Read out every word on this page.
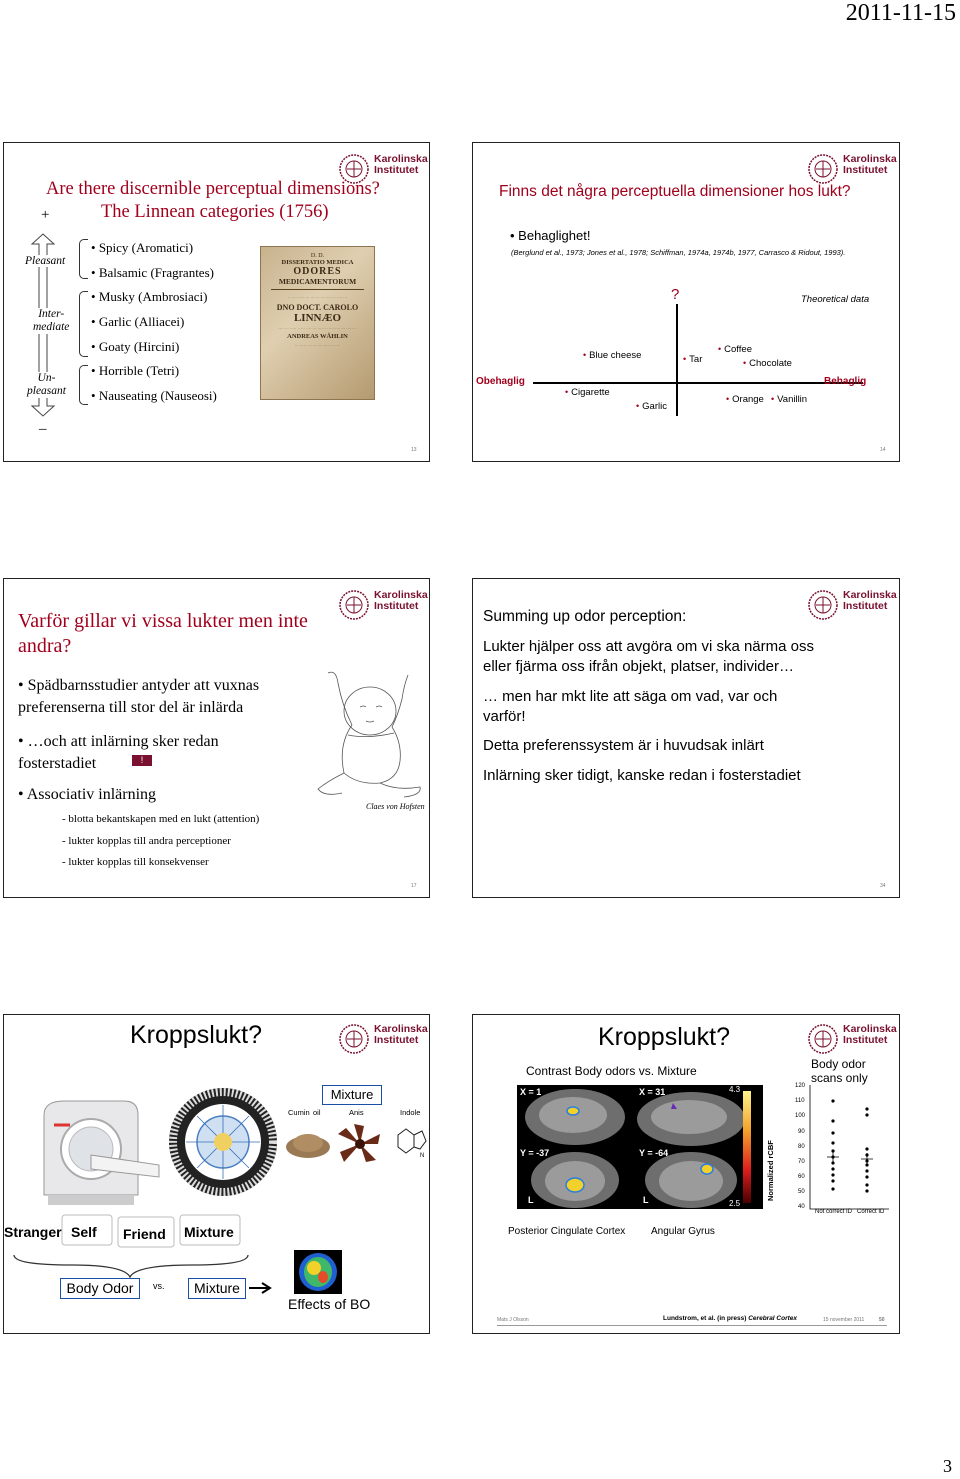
2011-11-15
Karolinska
Institutet
Are there discernible perceptual dimensions?
The Linnean categories (1756)
+
–
Pleasant
Inter-
mediate
Un-
pleasant
• Spicy (Aromatici)
• Balsamic (Fragrantes)
• Musky (Ambrosiaci)
• Garlic (Alliacei)
• Goaty (Hircini)
• Horrible (Tetri)
• Nauseating (Nauseosi)
D. D.
DISSERTATIO MEDICA
ODORES
MEDICAMENTORUM
··· ··· ····· ··· ···· ·· ··· ····· ·· ···· ···
DNO DOCT. CAROLO
LINNÆO
···· ··· ····· ·· ··· ···· ··· ····· ·· ···· ···· ··· ····· ··
ANDREAS WÅHLIN
··· ····· ·· ···· ··· ····· ··· ····
13
Karolinska
Institutet
Finns det några perceptuella dimensioner hos lukt?
• Behaglighet!
(Berglund et al., 1973; Jones et al., 1978; Schiffman, 1974a, 1974b, 1977, Carrasco & Ridout, 1993).
?	Theoretical data
Obehaglig	Behaglig
• Blue cheese
• Cigarette
• Garlic
• Tar
• Coffee
• Chocolate
• Orange • Vanillin
14
Karolinska
Institutet
Varför gillar vi vissa lukter men inte
andra?
• Spädbarnsstudier antyder att vuxnas
preferenserna till stor del är inlärda
• …och att inlärning sker redan
fosterstadiet	!
• Associativ inlärning
- blotta bekantskapen med en lukt (attention)
- lukter kopplas till andra perceptioner
- lukter kopplas till konsekvenser
Claes von Hofsten
17
Karolinska
Institutet
Summing up odor perception:
Lukter hjälper oss att avgöra om vi ska närma oss
eller fjärma oss ifrån objekt, platser, individer…
… men har mkt lite att säga om vad, var och
varför!
Detta preferenssystem är i huvudsak inlärt
Inlärning sker tidigt, kanske redan i fosterstadiet
34
Karolinska
Institutet
Kroppslukt?
Mixture
Cumin oil	Anis	Indole
N
Stranger Self Friend Mixture
Body Odor	vs.	Mixture
Effects of BO
Karolinska
Institutet
Kroppslukt?
Contrast Body odors vs. Mixture	Body odor
scans only
X = 1	X = 31
Y = -37	Y = -64
L	L
4.3
2.5
Normalized rCBF
120
110
100
90
80
70
60
50
40
Not correct ID Correct ID
Posterior Cingulate Cortex	Angular Gyrus
Mats J Olsson	Lundstrom, et al. (in press) Cerebral Cortex	15 november 2011	50
3
